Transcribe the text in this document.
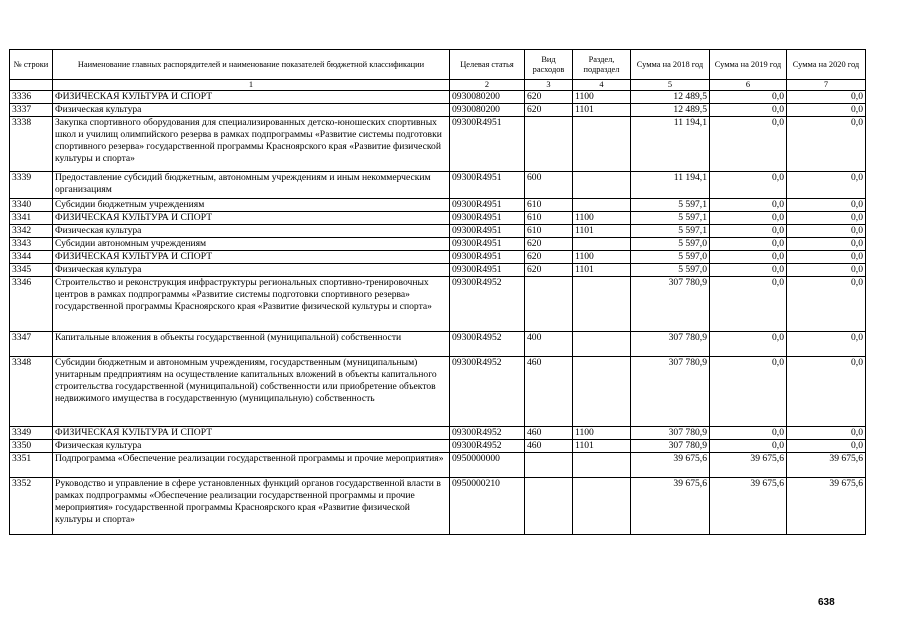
№ строки	Наименование главных распорядителей и наименование показателей бюджетной классификации	Целевая статья	Вид расходов	Раздел, подраздел	Сумма на 2018 год	Сумма на 2019 год	Сумма на 2020 год
	1	2	3	4	5	6	7
3336	ФИЗИЧЕСКАЯ КУЛЬТУРА И СПОРТ	0930080200	620	1100	12 489,5	0,0	0,0
3337	Физическая культура	0930080200	620	1101	12 489,5	0,0	0,0
3338	Закупка спортивного оборудования для специализированных детско-юношеских спортивных школ и училищ олимпийского резерва в рамках подпрограммы «Развитие системы подготовки спортивного резерва» государственной программы Красноярского края «Развитие физической культуры и спорта»	09300R4951			11 194,1	0,0	0,0
3339	Предоставление субсидий бюджетным, автономным учреждениям и иным некоммерческим организациям	09300R4951	600		11 194,1	0,0	0,0
3340	Субсидии бюджетным учреждениям	09300R4951	610		5 597,1	0,0	0,0
3341	ФИЗИЧЕСКАЯ КУЛЬТУРА И СПОРТ	09300R4951	610	1100	5 597,1	0,0	0,0
3342	Физическая культура	09300R4951	610	1101	5 597,1	0,0	0,0
3343	Субсидии автономным учреждениям	09300R4951	620		5 597,0	0,0	0,0
3344	ФИЗИЧЕСКАЯ КУЛЬТУРА И СПОРТ	09300R4951	620	1100	5 597,0	0,0	0,0
3345	Физическая культура	09300R4951	620	1101	5 597,0	0,0	0,0
3346	Строительство и реконструкция инфраструктуры региональных спортивно-тренировочных центров в рамках подпрограммы «Развитие системы подготовки спортивного резерва» государственной программы Красноярского края «Развитие физической культуры и спорта»	09300R4952			307 780,9	0,0	0,0
3347	Капитальные вложения в объекты государственной (муниципальной) собственности	09300R4952	400		307 780,9	0,0	0,0
3348	Субсидии бюджетным и автономным учреждениям, государственным (муниципальным) унитарным предприятиям на осуществление капитальных вложений в объекты капитального строительства государственной (муниципальной) собственности или приобретение объектов недвижимого имущества в государственную (муниципальную) собственность	09300R4952	460		307 780,9	0,0	0,0
3349	ФИЗИЧЕСКАЯ КУЛЬТУРА И СПОРТ	09300R4952	460	1100	307 780,9	0,0	0,0
3350	Физическая культура	09300R4952	460	1101	307 780,9	0,0	0,0
3351	Подпрограмма «Обеспечение реализации государственной программы и прочие мероприятия»	0950000000			39 675,6	39 675,6	39 675,6
3352	Руководство и управление в сфере установленных функций органов государственной власти в рамках подпрограммы «Обеспечение реализации государственной программы и прочие мероприятия» государственной программы Красноярского края «Развитие физической культуры и спорта»	0950000210			39 675,6	39 675,6	39 675,6
638
